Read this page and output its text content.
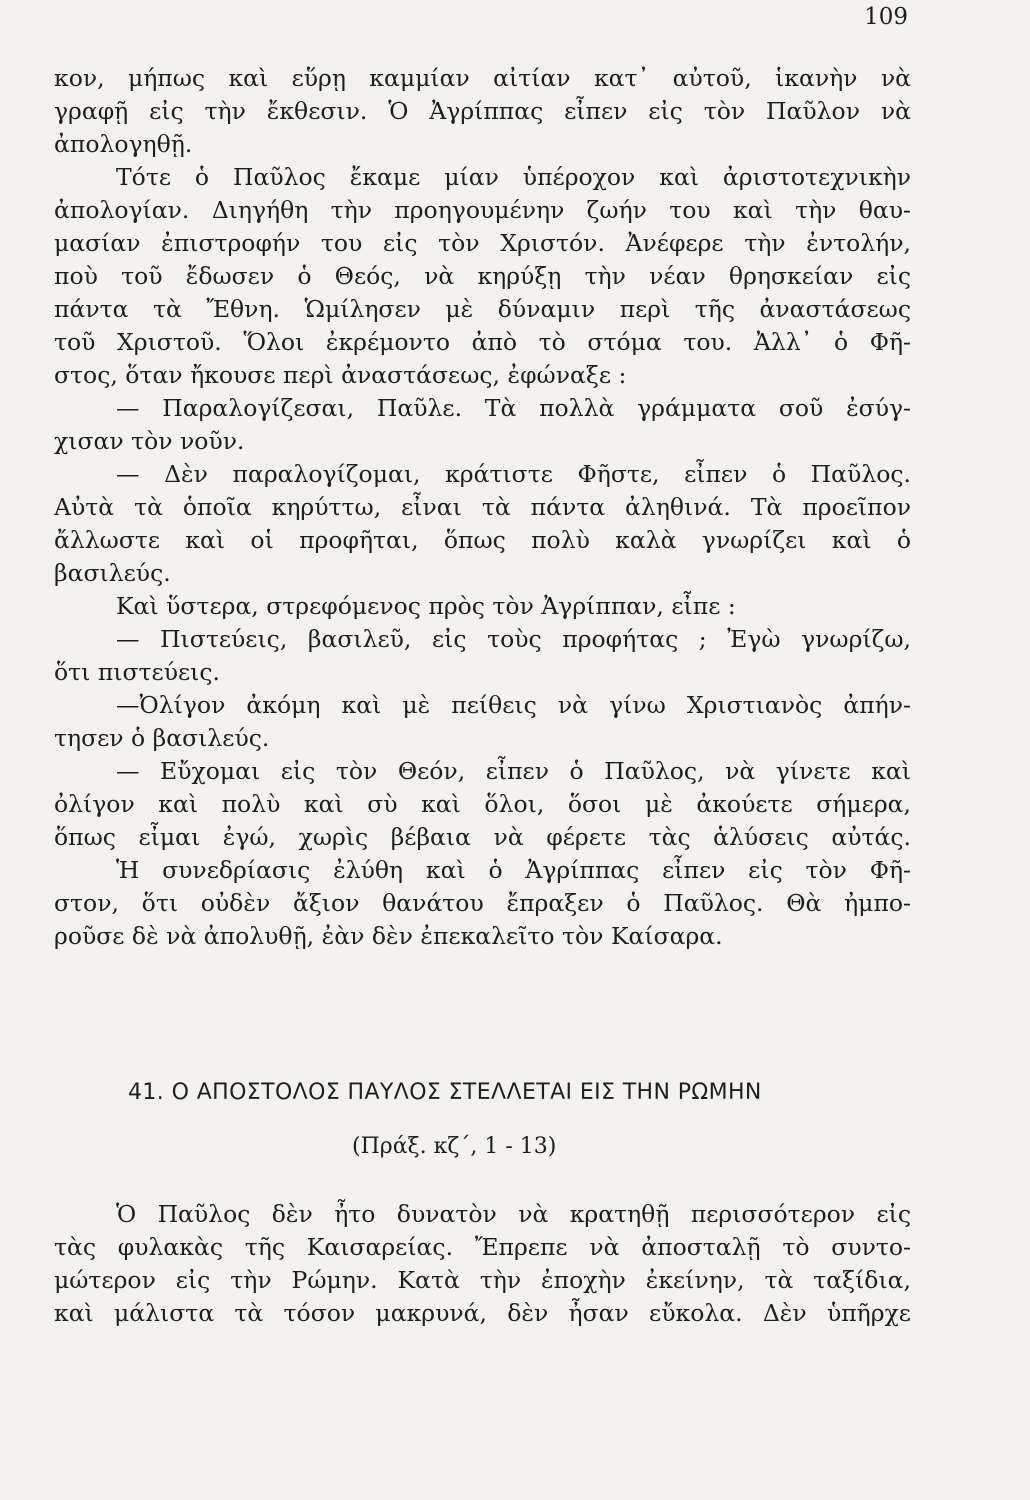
109
κον, μήπως καὶ εὕρῃ καμμίαν αἰτίαν κατ᾿ αὐτοῦ, ἱκανὴν νὰ
γραφῇ εἰς τὴν ἔκθεσιν. Ὁ Ἀγρίππας εἶπεν εἰς τὸν Παῦλον νὰ
ἀπολογηθῇ.
Τότε ὁ Παῦλος ἔκαμε μίαν ὑπέροχον καὶ ἀριστοτεχνικὴν
ἀπολογίαν. Διηγήθη τὴν προηγουμένην ζωήν του καὶ τὴν θαυ-
μασίαν ἐπιστροφήν του εἰς τὸν Χριστόν. Ἀνέφερε τὴν ἐντολήν,
ποὺ τοῦ ἔδωσεν ὁ Θεός, νὰ κηρύξῃ τὴν νέαν θρησκείαν εἰς
πάντα τὰ Ἔθνη. Ὡμίλησεν μὲ δύναμιν περὶ τῆς ἀναστάσεως
τοῦ Χριστοῦ. Ὅλοι ἐκρέμοντο ἀπὸ τὸ στόμα του. Ἀλλ᾿ ὁ Φῆ-
στος, ὅταν ἤκουσε περὶ ἀναστάσεως, ἐφώναξε :
— Παραλογίζεσαι, Παῦλε. Τὰ πολλὰ γράμματα σοῦ ἐσύγ-
χισαν τὸν νοῦν.
— Δὲν παραλογίζομαι, κράτιστε Φῆστε, εἶπεν ὁ Παῦλος.
Αὐτὰ τὰ ὁποῖα κηρύττω, εἶναι τὰ πάντα ἀληθινά. Τὰ προεῖπον
ἄλλωστε καὶ οἱ προφῆται, ὅπως πολὺ καλὰ γνωρίζει καὶ ὁ
βασιλεύς.
Καὶ ὕστερα, στρεφόμενος πρὸς τὸν Ἀγρίππαν, εἶπε :
— Πιστεύεις, βασιλεῦ, εἰς τοὺς προφήτας ; Ἐγὼ γνωρίζω,
ὅτι πιστεύεις.
—Ὀλίγον ἀκόμη καὶ μὲ πείθεις νὰ γίνω Χριστιανὸς ἀπήν-
τησεν ὁ βασιλεύς.
— Εὔχομαι εἰς τὸν Θεόν, εἶπεν ὁ Παῦλος, νὰ γίνετε καὶ
ὀλίγον καὶ πολὺ καὶ σὺ καὶ ὅλοι, ὅσοι μὲ ἀκούετε σήμερα,
ὅπως εἶμαι ἐγώ, χωρὶς βέβαια νὰ φέρετε τὰς ἁλύσεις αὐτάς.
Ἡ συνεδρίασις ἐλύθη καὶ ὁ Ἀγρίππας εἶπεν εἰς τὸν Φῆ-
στον, ὅτι οὐδὲν ἄξιον θανάτου ἔπραξεν ὁ Παῦλος. Θὰ ἠμπο-
ροῦσε δὲ νὰ ἀπολυθῇ, ἐὰν δὲν ἐπεκαλεῖτο τὸν Καίσαρα.
41. Ο ΑΠΟΣΤΟΛΟΣ ΠΑΥΛΟΣ ΣΤΕΛΛΕΤΑΙ ΕΙΣ ΤΗΝ ΡΩΜΗΝ
(Πράξ. κζ΄, 1 - 13)
Ὁ Παῦλος δὲν ἦτο δυνατὸν νὰ κρατηθῇ περισσότερον εἰς
τὰς φυλακὰς τῆς Καισαρείας. Ἔπρεπε νὰ ἀποσταλῇ τὸ συντο-
μώτερον εἰς τὴν Ρώμην. Κατὰ τὴν ἐποχὴν ἐκείνην, τὰ ταξίδια,
καὶ μάλιστα τὰ τόσον μακρυνά, δὲν ἦσαν εὔκολα. Δὲν ὑπῆρχε
